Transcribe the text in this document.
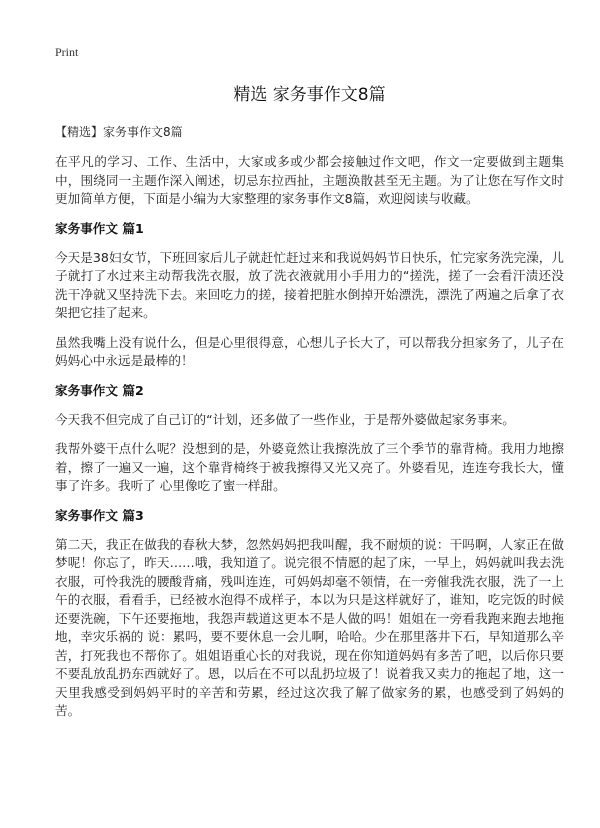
Print
精选 家务事作文8篇
【精选】家务事作文8篇

在平凡的学习、工作、生活中，大家或多或少都会接触过作文吧，作文一定要做到主题集中，围绕同一主题作深入阐述，切忌东拉西扯，主题涣散甚至无主题。为了让您在写作文时更加简单方便，下面是小编为大家整理的家务事作文8篇，欢迎阅读与收藏。

家务事作文 篇1

今天是38妇女节，下班回家后儿子就赶忙赶过来和我说妈妈节日快乐，忙完家务洗完澡，儿子就打了水过来主动帮我洗衣服，放了洗衣液就用小手用力的“搓洗，搓了一会看汗渍还没洗干净就又坚持洗下去。来回吃力的搓，接着把脏水倒掉开始漂洗，漂洗了两遍之后拿了衣架把它挂了起来。

虽然我嘴上没有说什么，但是心里很得意，心想儿子长大了，可以帮我分担家务了，儿子在妈妈心中永远是最棒的！

家务事作文 篇2

今天我不但完成了自己订的“计划，还多做了一些作业，于是帮外婆做起家务事来。

我帮外婆干点什么呢？没想到的是，外婆竟然让我擦洗放了三个季节的靠背椅。我用力地擦着，擦了一遍又一遍，这个靠背椅终于被我擦得又光又亮了。外婆看见，连连夸我长大，懂事了许多。我听了 心里像吃了蜜一样甜。

家务事作文 篇3

第二天，我正在做我的春秋大梦，忽然妈妈把我叫醒，我不耐烦的说：干吗啊，人家正在做梦呢！你忘了，昨天……哦，我知道了。说完很不情愿的起了床，一早上，妈妈就叫我去洗衣服，可怜我洗的腰酸背痛，残叫连连，可妈妈却毫不领情，在一旁催我洗衣服，洗了一上午的衣服，看看手，已经被水泡得不成样子，本以为只是这样就好了，谁知，吃完饭的时候还要洗碗，下午还要拖地，我怨声载道这更本不是人做的吗！姐姐在一旁看我跑来跑去地拖地，幸灾乐祸的 说：累吗，要不要休息一会儿啊，哈哈。少在那里落井下石，早知道那么辛苦，打死我也不帮你了。姐姐语重心长的对我说，现在你知道妈妈有多苦了吧，以后你只要不要乱放乱扔东西就好了。恩，以后在不可以乱扔垃圾了！说着我又卖力的拖起了地，这一天里我感受到妈妈平时的辛苦和劳累，经过这次我了解了做家务的累，也感受到了妈妈的苦。
